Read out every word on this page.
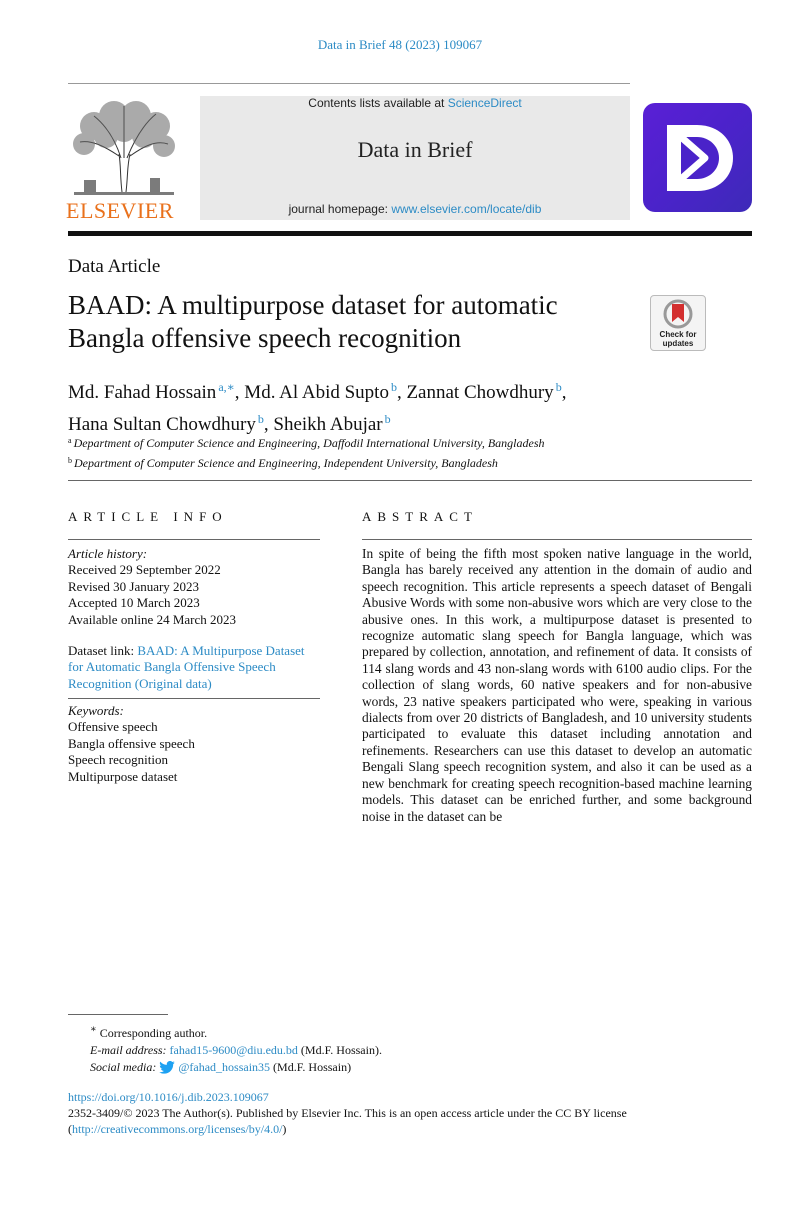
Data in Brief 48 (2023) 109067
ELSEVIER
Contents lists available at ScienceDirect
Data in Brief
journal homepage: www.elsevier.com/locate/dib
Data Article
BAAD: A multipurpose dataset for automatic Bangla offensive speech recognition	Check for
updates
Md. Fahad Hossain $^{a,∗}$, Md. Al Abid Supto $^b$, Zannat Chowdhury $^b$,
Hana Sultan Chowdhury $^b$, Sheikh Abujar $^b$
$^a$ Department of Computer Science and Engineering, Daffodil International University, Bangladesh
$^b$ Department of Computer Science and Engineering, Independent University, Bangladesh
ARTICLE INFO
Article history:
Received 29 September 2022
Revised 30 January 2023
Accepted 10 March 2023
Available online 24 March 2023
Dataset link: BAAD: A Multipurpose Dataset for Automatic Bangla Offensive Speech Recognition (Original data)
Keywords:
Offensive speech
Bangla offensive speech
Speech recognition
Multipurpose dataset
ABSTRACT
In spite of being the fifth most spoken native language in the world, Bangla has barely received any attention in the domain of audio and speech recognition. This article represents a speech dataset of Bengali Abusive Words with some non-abusive wors which are very close to the abusive ones. In this work, a multipurpose dataset is presented to recognize automatic slang speech for Bangla language, which was prepared by collection, annotation, and refinement of data. It consists of 114 slang words and 43 non-slang words with 6100 audio clips. For the collection of slang words, 60 native speakers and for non-abusive words, 23 native speakers participated who were, speaking in various dialects from over 20 districts of Bangladesh, and 10 university students participated to evaluate this dataset including annotation and refinements. Researchers can use this dataset to develop an automatic Bengali Slang speech recognition system, and also it can be used as a new benchmark for creating speech recognition-based machine learning models. This dataset can be enriched further, and some background noise in the dataset can be
∗ Corresponding author.
E-mail address: fahad15-9600@diu.edu.bd (Md.F. Hossain).
Social media: @fahad_hossain35 (Md.F. Hossain)
https://doi.org/10.1016/j.dib.2023.109067
2352-3409/© 2023 The Author(s). Published by Elsevier Inc. This is an open access article under the CC BY license
(http://creativecommons.org/licenses/by/4.0/)
